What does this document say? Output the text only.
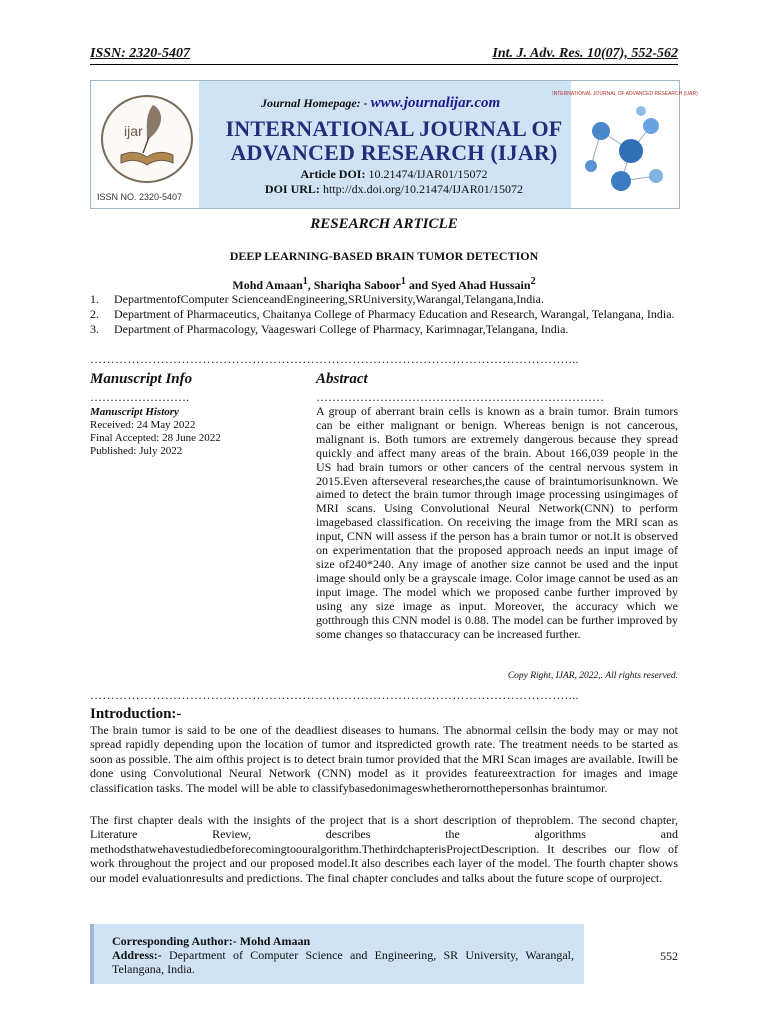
ISSN: 2320-5407	Int. J. Adv. Res. 10(07), 552-562
ijar
ISSN NO. 2320-5407
Journal Homepage: - www.journalijar.com
INTERNATIONAL JOURNAL OF
ADVANCED RESEARCH (IJAR)
Article DOI: 10.21474/IJAR01/15072
DOI URL: http://dx.doi.org/10.21474/IJAR01/15072
INTERNATIONAL JOURNAL OF ADVANCED RESEARCH (IJAR)
RESEARCH ARTICLE
DEEP LEARNING-BASED BRAIN TUMOR DETECTION
Mohd Amaan$^1$, Shariqha Saboor$^1$ and Syed Ahad Hussain$^2$
1.	DepartmentofComputer ScienceandEngineering,SRUniversity,Warangal,Telangana,India.
2.	Department of Pharmaceutics, Chaitanya College of Pharmacy Education and Research, Warangal, Telangana, India.
3.	Department of Pharmacology, Vaageswari College of Pharmacy, Karimnagar,Telangana, India.
……………………………………………………………………………………………………....
Manuscript Info	Abstract
…………………….	………………………………………………………………
Manuscript History
Received: 24 May 2022
Final Accepted: 28 June 2022
Published: July 2022
A group of aberrant brain cells is known as a brain tumor. Brain tumors can be either malignant or benign. Whereas benign is not cancerous, malignant is. Both tumors are extremely dangerous because they spread quickly and affect many areas of the brain. About 166,039 people in the US had brain tumors or other cancers of the central nervous system in 2015.Even afterseveral researches,the cause of braintumorisunknown. We aimed to detect the brain tumor through image processing usingimages of MRI scans. Using Convolutional Neural Network(CNN) to perform imagebased classification. On receiving the image from the MRI scan as input, CNN will assess if the person has a brain tumor or not.It is observed on experimentation that the proposed approach needs an input image of size of240*240. Any image of another size cannot be used and the input image should only be a grayscale image. Color image cannot be used as an input image. The model which we proposed canbe further improved by using any size image as input. Moreover, the accuracy which we gotthrough this CNN model is 0.88. The model can be further improved by some changes so thataccuracy can be increased further.
Copy Right, IJAR, 2022,. All rights reserved.
……………………………………………………………………………………………………....
Introduction:-
The brain tumor is said to be one of the deadliest diseases to humans. The abnormal cellsin the body may or may not spread rapidly depending upon the location of tumor and itspredicted growth rate. The treatment needs to be started as soon as possible. The aim ofthis project is to detect brain tumor provided that the MRI Scan images are available. Itwill be done using Convolutional Neural Network (CNN) model as it provides featureextraction for images and image classification tasks. The model will be able to classifybasedonimageswhetherornotthepersonhas braintumor.
The first chapter deals with the insights of the project that is a short description of theproblem. The second chapter, Literature Review, describes the algorithms and methodsthatwehavestudiedbeforecomingtoouralgorithm.ThethirdchapterisProjectDescription. It describes our flow of work throughout the project and our proposed model.It also describes each layer of the model. The fourth chapter shows our model evaluationresults and predictions. The final chapter concludes and talks about the future scope of ourproject.
Corresponding Author:- Mohd Amaan
Address:- Department of Computer Science and Engineering, SR University, Warangal, Telangana, India.
552
